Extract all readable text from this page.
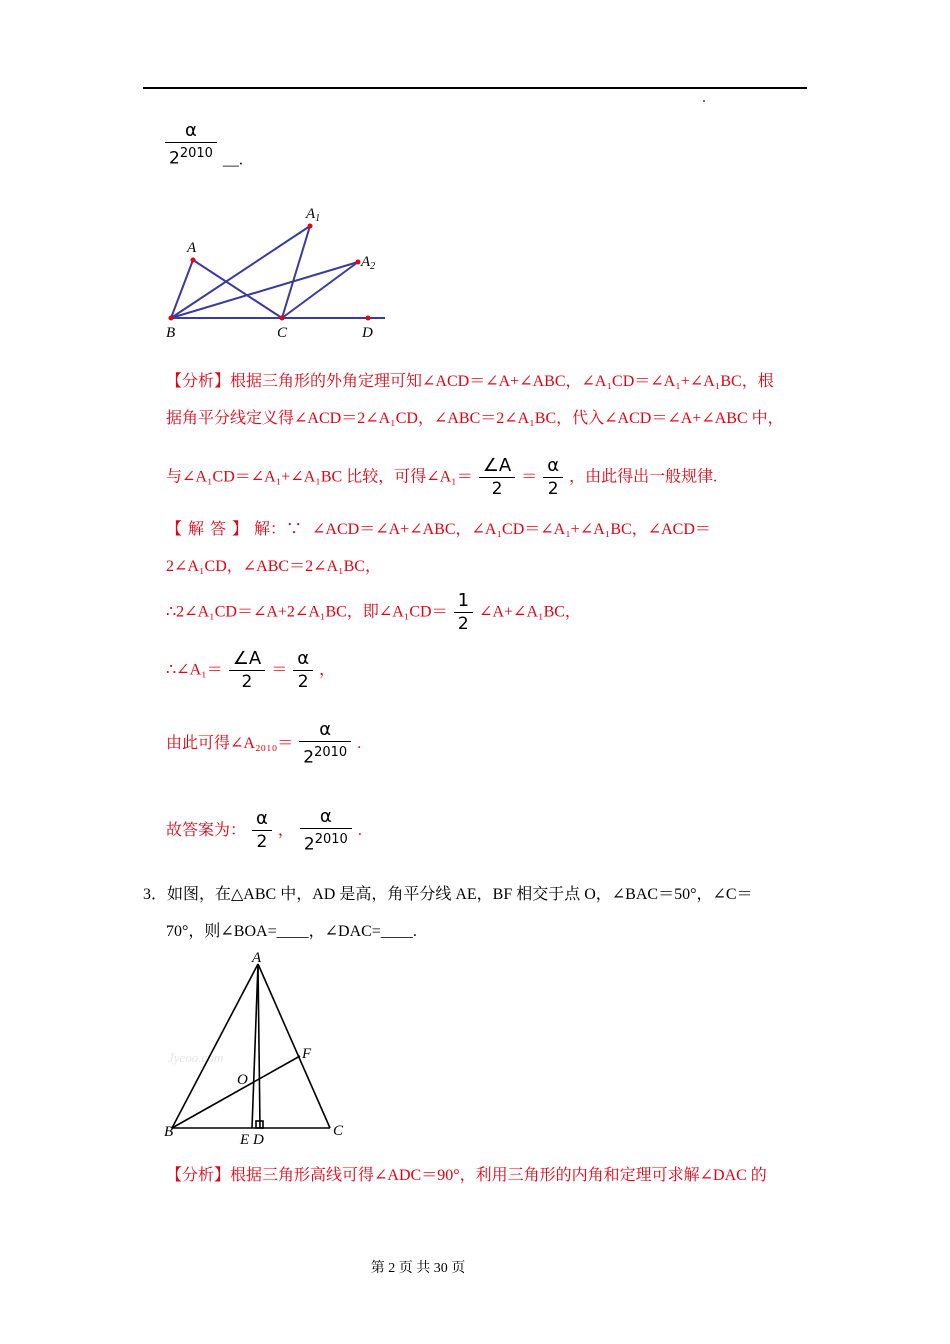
$\frac{\alpha}{2^{2010}}$ __.
A
$A_1$
$A_2$
B	C	D
【分析】根据三角形的外角定理可知∠ACD＝∠A+∠ABC，∠A₁CD＝∠A₁+∠A₁BC，根
据角平分线定义得∠ACD＝2∠A₁CD，∠ABC＝2∠A₁BC，代入∠ACD＝∠A+∠ABC 中，
与∠A₁CD＝∠A₁+∠A₁BC 比较，可得∠A₁＝ $\frac{\angle A}{2} = \frac{\alpha}{2}$ ，由此得出一般规律.
【解答】解：∵ ∠ACD＝∠A+∠ABC，∠A₁CD＝∠A₁+∠A₁BC，∠ACD＝
2∠A₁CD，∠ABC＝2∠A₁BC，
∴2∠A₁CD＝∠A+2∠A₁BC，即∠A₁CD＝ $\frac{1}{2}$ ∠A+∠A₁BC，
∴∠A₁＝ $\frac{\angle A}{2} = \frac{\alpha}{2}$ ，
由此可得∠A₂₀₁₀＝ $\frac{\alpha}{2^{2010}}$ .
故答案为： $\frac{\alpha}{2}$ ， $\frac{\alpha}{2^{2010}}$ .
3．如图，在△ABC 中，AD 是高，角平分线 AE，BF 相交于点 O，∠BAC＝50°，∠C＝
70°，则∠BOA=____，∠DAC=____.
Jyeoo.com
A
B	C
E D
F
O
【分析】根据三角形高线可得∠ADC＝90°，利用三角形的内角和定理可求解∠DAC 的
第 2 页 共 30 页
